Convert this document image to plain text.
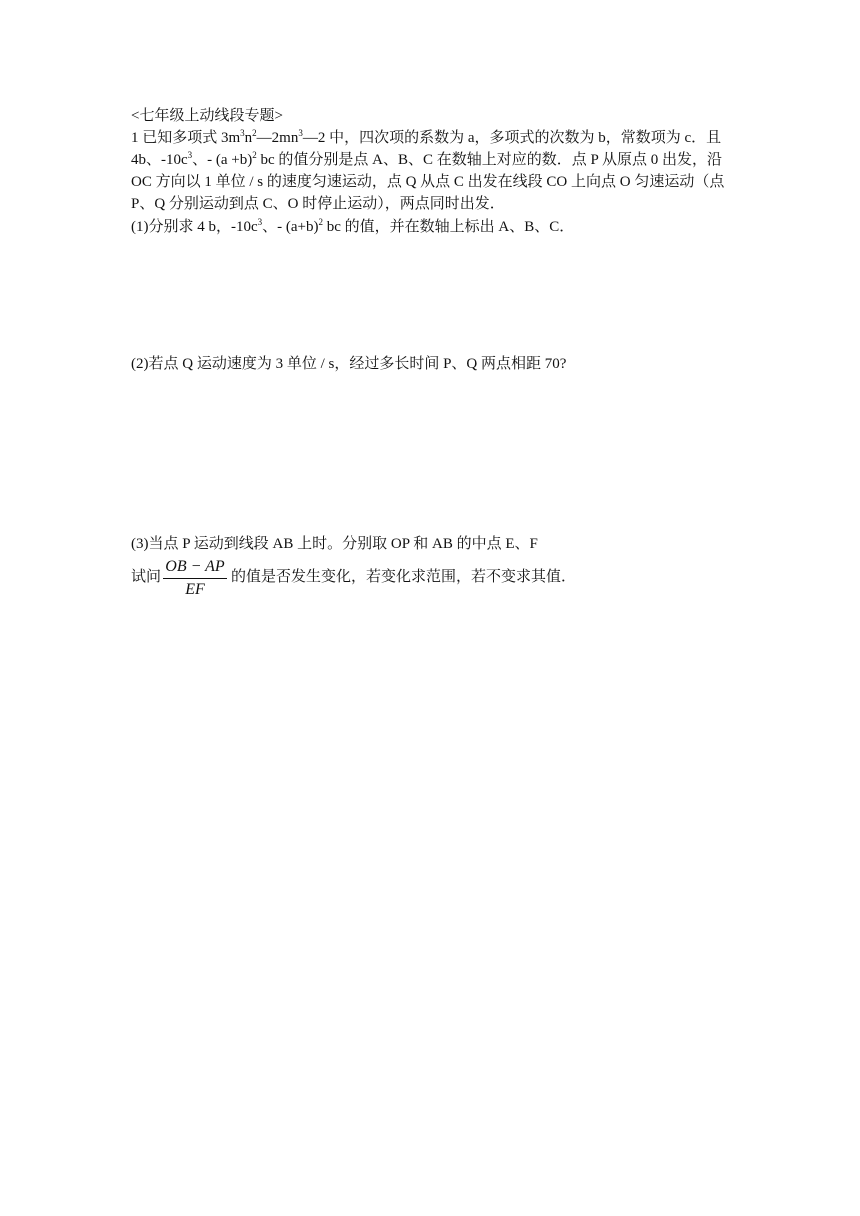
<七年级上动线段专题>
1 已知多项式 $3m^3n^2—2mn^3—2$ 中，四次项的系数为 a，多项式的次数为 b，常数项为 c．且
4b、$-10c^3$、- $(a +b)^2$ bc 的值分别是点 A、B、C 在数轴上对应的数．点 P 从原点 0 出发，沿
OC 方向以 1 单位 / s 的速度匀速运动，点 Q 从点 C 出发在线段 CO 上向点 O 匀速运动（点
P、Q 分别运动到点 C、O 时停止运动），两点同时出发．
(1)分别求 4 b，$-10c^3$、- $(a+b)^2$ bc 的值，并在数轴上标出 A、B、C．
(2)若点 Q 运动速度为 3 单位 / s，经过多长时间 P、Q 两点相距 70?
(3)当点 P 运动到线段 AB 上时。分别取 OP 和 AB 的中点 E、F
试问
OB − AP
EF
的值是否发生变化，若变化求范围，若不变求其值．
